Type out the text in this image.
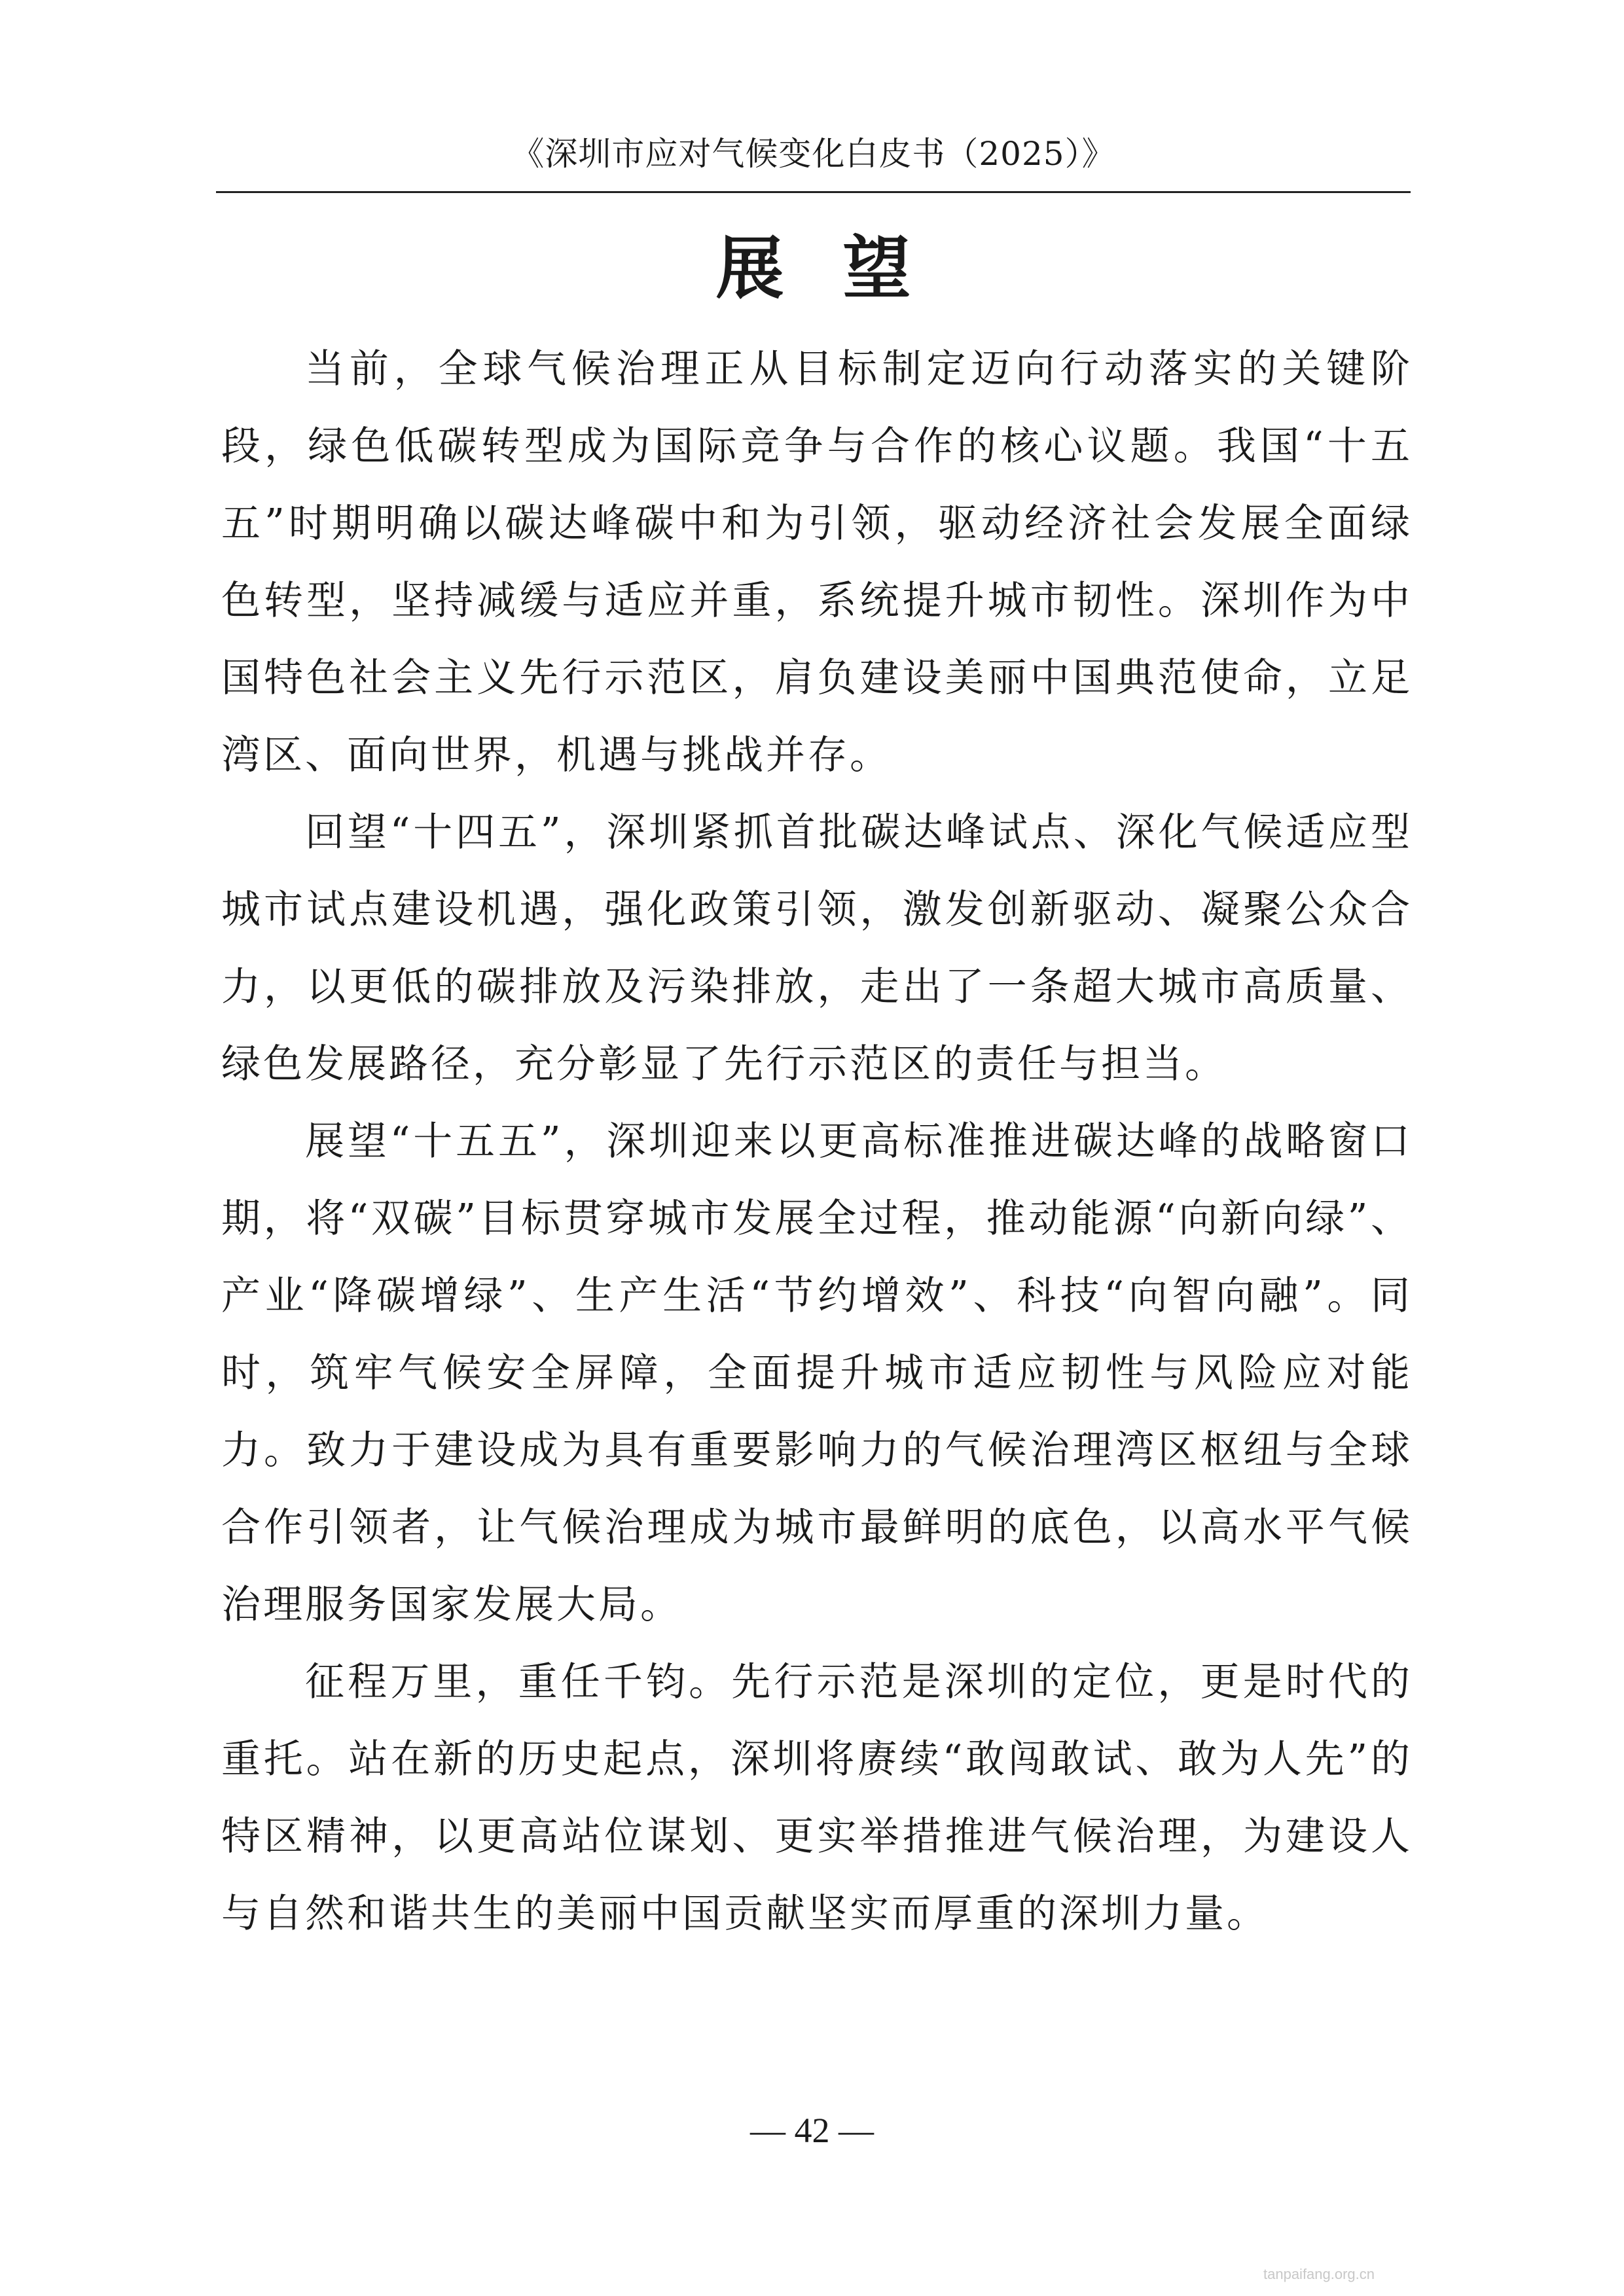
《深圳市应对气候变化白皮书（2025）》
展望

当前，全球气候治理正从目标制定迈向行动落实的关键阶段，绿色低碳转型成为国际竞争与合作的核心议题。我国“十五五”时期明确以碳达峰碳中和为引领，驱动经济社会发展全面绿色转型，坚持减缓与适应并重，系统提升城市韧性。深圳作为中国特色社会主义先行示范区，肩负建设美丽中国典范使命，立足湾区、面向世界，机遇与挑战并存。

回望“十四五”，深圳紧抓首批碳达峰试点、深化气候适应型城市试点建设机遇，强化政策引领，激发创新驱动、凝聚公众合力，以更低的碳排放及污染排放，走出了一条超大城市高质量、绿色发展路径，充分彰显了先行示范区的责任与担当。

展望“十五五”，深圳迎来以更高标准推进碳达峰的战略窗口期，将“双碳”目标贯穿城市发展全过程，推动能源“向新向绿”、产业“降碳增绿”、生产生活“节约增效”、科技“向智向融”。同时，筑牢气候安全屏障，全面提升城市适应韧性与风险应对能力。致力于建设成为具有重要影响力的气候治理湾区枢纽与全球合作引领者，让气候治理成为城市最鲜明的底色，以高水平气候治理服务国家发展大局。

征程万里，重任千钧。先行示范是深圳的定位，更是时代的重托。站在新的历史起点，深圳将赓续“敢闯敢试、敢为人先”的特区精神，以更高站位谋划、更实举措推进气候治理，为建设人与自然和谐共生的美丽中国贡献坚实而厚重的深圳力量。

— 42 —
tanpaifang.org.cn
